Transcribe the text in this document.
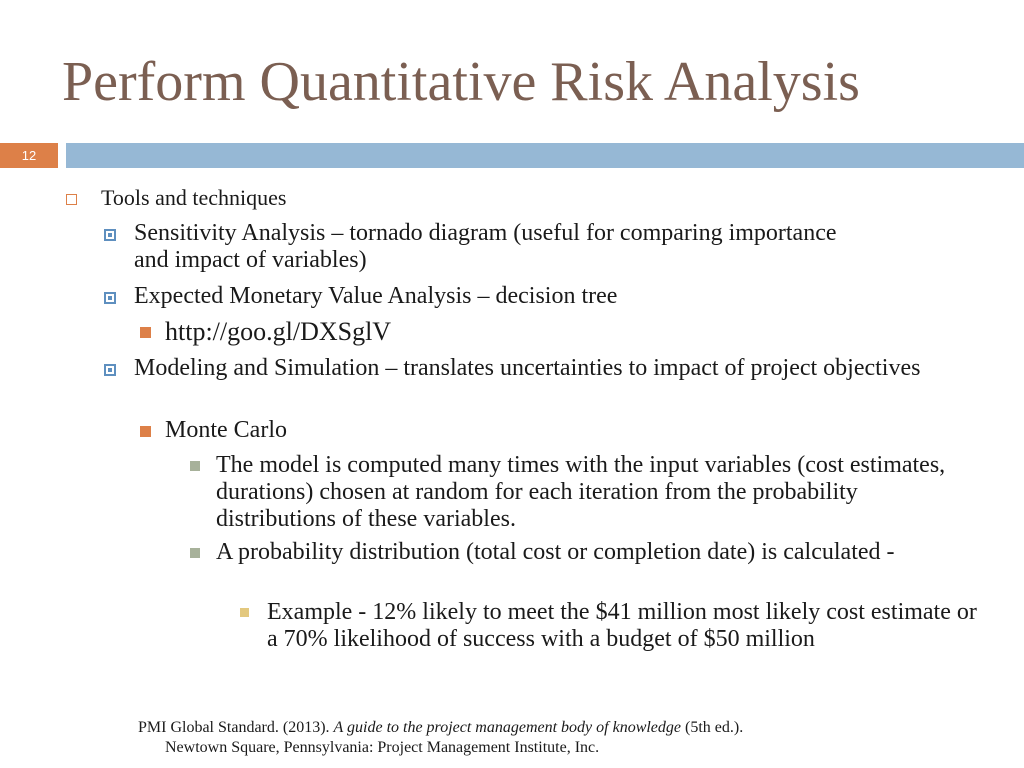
Perform Quantitative Risk Analysis
12
Tools and techniques
Sensitivity Analysis – tornado diagram (useful for comparing importance and impact of variables)
Expected Monetary Value Analysis – decision tree
http://goo.gl/DXSglV
Modeling and Simulation – translates uncertainties to impact of project objectives
Monte Carlo
The model is computed many times with the input variables (cost estimates, durations) chosen at random for each iteration from the probability distributions of these variables.
A probability distribution (total cost or completion date) is calculated -
Example - 12% likely to meet the $41 million most likely cost estimate or a 70% likelihood of success with a budget of $50 million
PMI Global Standard. (2013). A guide to the project management body of knowledge (5th ed.).
Newtown Square, Pennsylvania: Project Management Institute, Inc.
